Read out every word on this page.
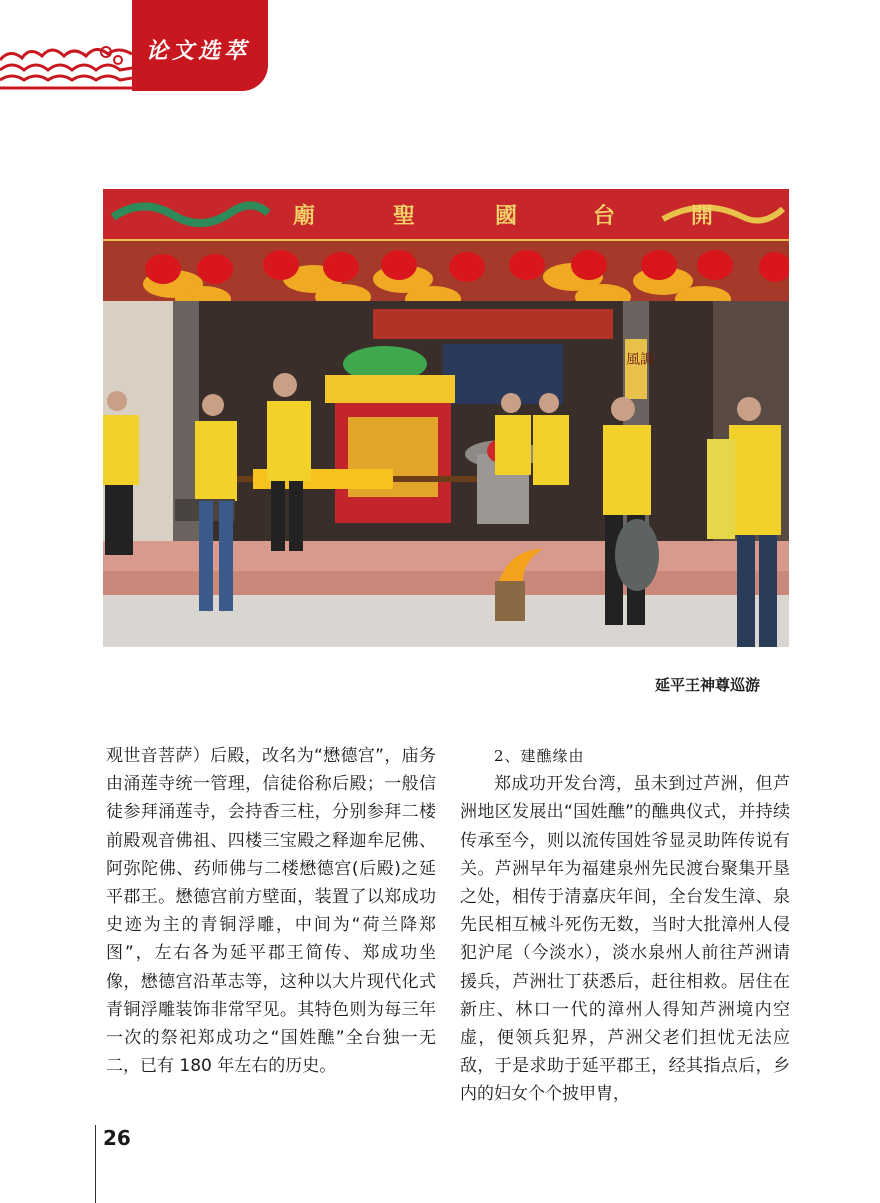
论文选萃
廟	聖	國	台	開
風調
延平王神尊巡游

观世音菩萨）后殿，改名为“懋德宫”，庙务由涌莲寺统一管理，信徒俗称后殿；一般信徒参拜涌莲寺，会持香三柱，分别参拜二楼前殿观音佛祖、四楼三宝殿之释迦牟尼佛、阿弥陀佛、药师佛与二楼懋德宫(后殿)之延平郡王。懋德宫前方壁面，装置了以郑成功史迹为主的青铜浮雕，中间为“荷兰降郑图”，左右各为延平郡王简传、郑成功坐像，懋德宫沿革志等，这种以大片现代化式青铜浮雕装饰非常罕见。其特色则为每三年一次的祭祀郑成功之“国姓醮”全台独一无二，已有 180 年左右的历史。

2、建醮缘由

郑成功开发台湾，虽未到过芦洲，但芦洲地区发展出“国姓醮”的醮典仪式，并持续传承至今，则以流传国姓爷显灵助阵传说有关。芦洲早年为福建泉州先民渡台聚集开垦之处，相传于清嘉庆年间，全台发生漳、泉先民相互械斗死伤无数，当时大批漳州人侵犯沪尾（今淡水），淡水泉州人前往芦洲请援兵，芦洲壮丁获悉后，赶往相救。居住在新庄、林口一代的漳州人得知芦洲境内空虚，便领兵犯界，芦洲父老们担忧无法应敌，于是求助于延平郡王，经其指点后，乡内的妇女个个披甲胄，

26
